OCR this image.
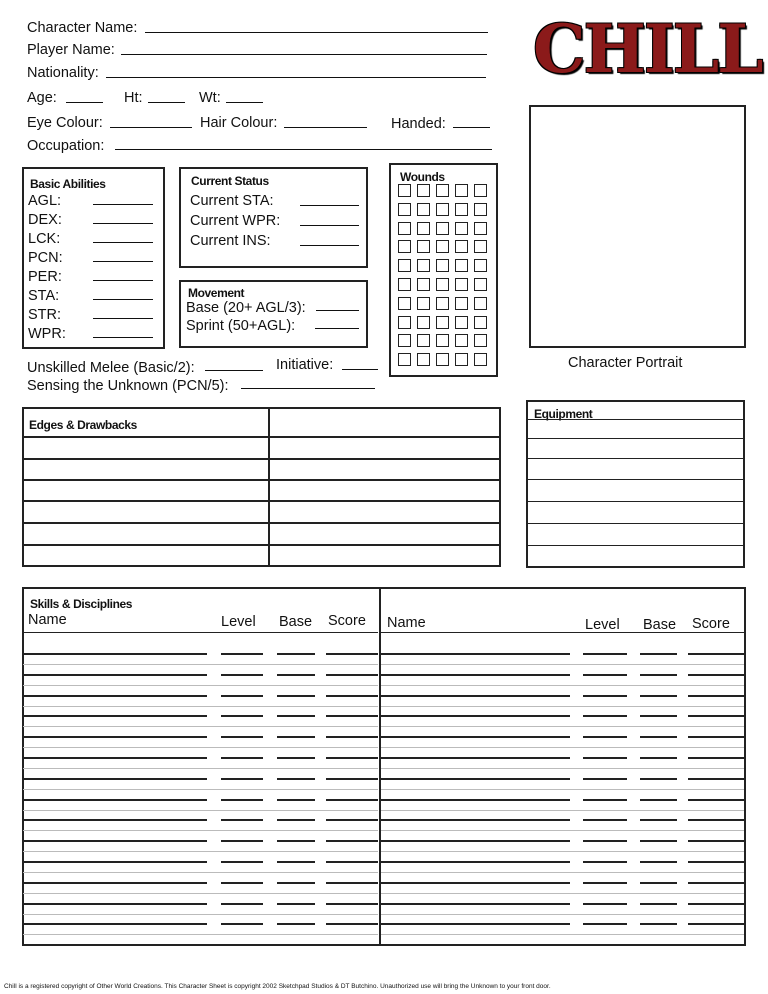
Character Name:
Player Name:
Nationality:
Age:	Ht:	Wt:
Eye Colour:	Hair Colour:	Handed:
Occupation:
CHILL
Character Portrait
Basic Abilities
AGL:
DEX:
LCK:
PCN:
PER:
STA:
STR:
WPR:
Current Status
Current STA:
Current WPR:
Current INS:
Movement
Base (20+ AGL/3):
Sprint (50+AGL):
Wounds
Unskilled Melee (Basic/2):	Initiative:
Sensing the Unknown (PCN/5):
Edges & Drawbacks
Equipment
Skills & Disciplines
Name	Level Base Score Name	Level Base Score
Chill is a registered copyright of Other World Creations. This Character Sheet is copyright 2002 Sketchpad Studios & DT Butchino. Unauthorized use will bring the Unknown to your front door.
